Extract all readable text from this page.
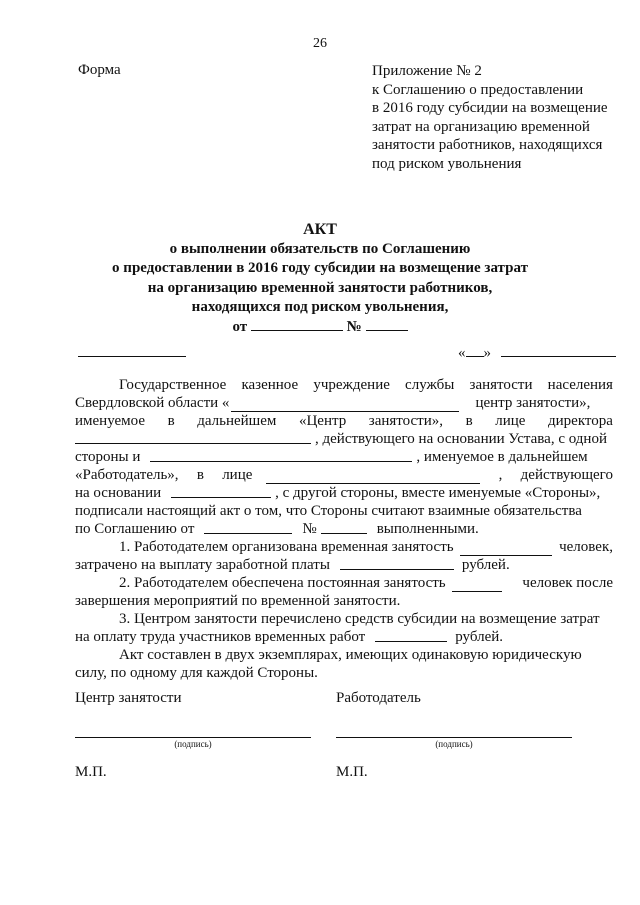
26
Форма	Приложение № 2
к Соглашению о предоставлении
в 2016 году субсидии на возмещение
затрат на организацию временной
занятости работников, находящихся
под риском увольнения
АКТ
о выполнении обязательств по Соглашению
о предоставлении в 2016 году субсидии на возмещение затрат
на организацию временной занятости работников,
находящихся под риском увольнения,
от	№
« »
Государственное казенное учреждение службы занятости населения
Свердловской области «	центр занятости»,
именуемое в дальнейшем «Центр занятости», в лице директора
, действующего на основании Устава, с одной
стороны и	, именуемое в дальнейшем
«Работодатель», в лице	, действующего
на основании	, с другой стороны, вместе именуемые «Стороны»,
подписали настоящий акт о том, что Стороны считают взаимные обязательства
по Соглашению от	№	выполненными.
1. Работодателем организована временная занятость	человек,
затрачено на выплату заработной платы	рублей.
2. Работодателем обеспечена постоянная занятость	человек после
завершения мероприятий по временной занятости.
3. Центром занятости перечислено средств субсидии на возмещение затрат
на оплату труда участников временных работ	рублей.
Акт составлен в двух экземплярах, имеющих одинаковую юридическую
силу, по одному для каждой Стороны.
Центр занятости
(подпись)
М.П.
Работодатель
(подпись)
М.П.
